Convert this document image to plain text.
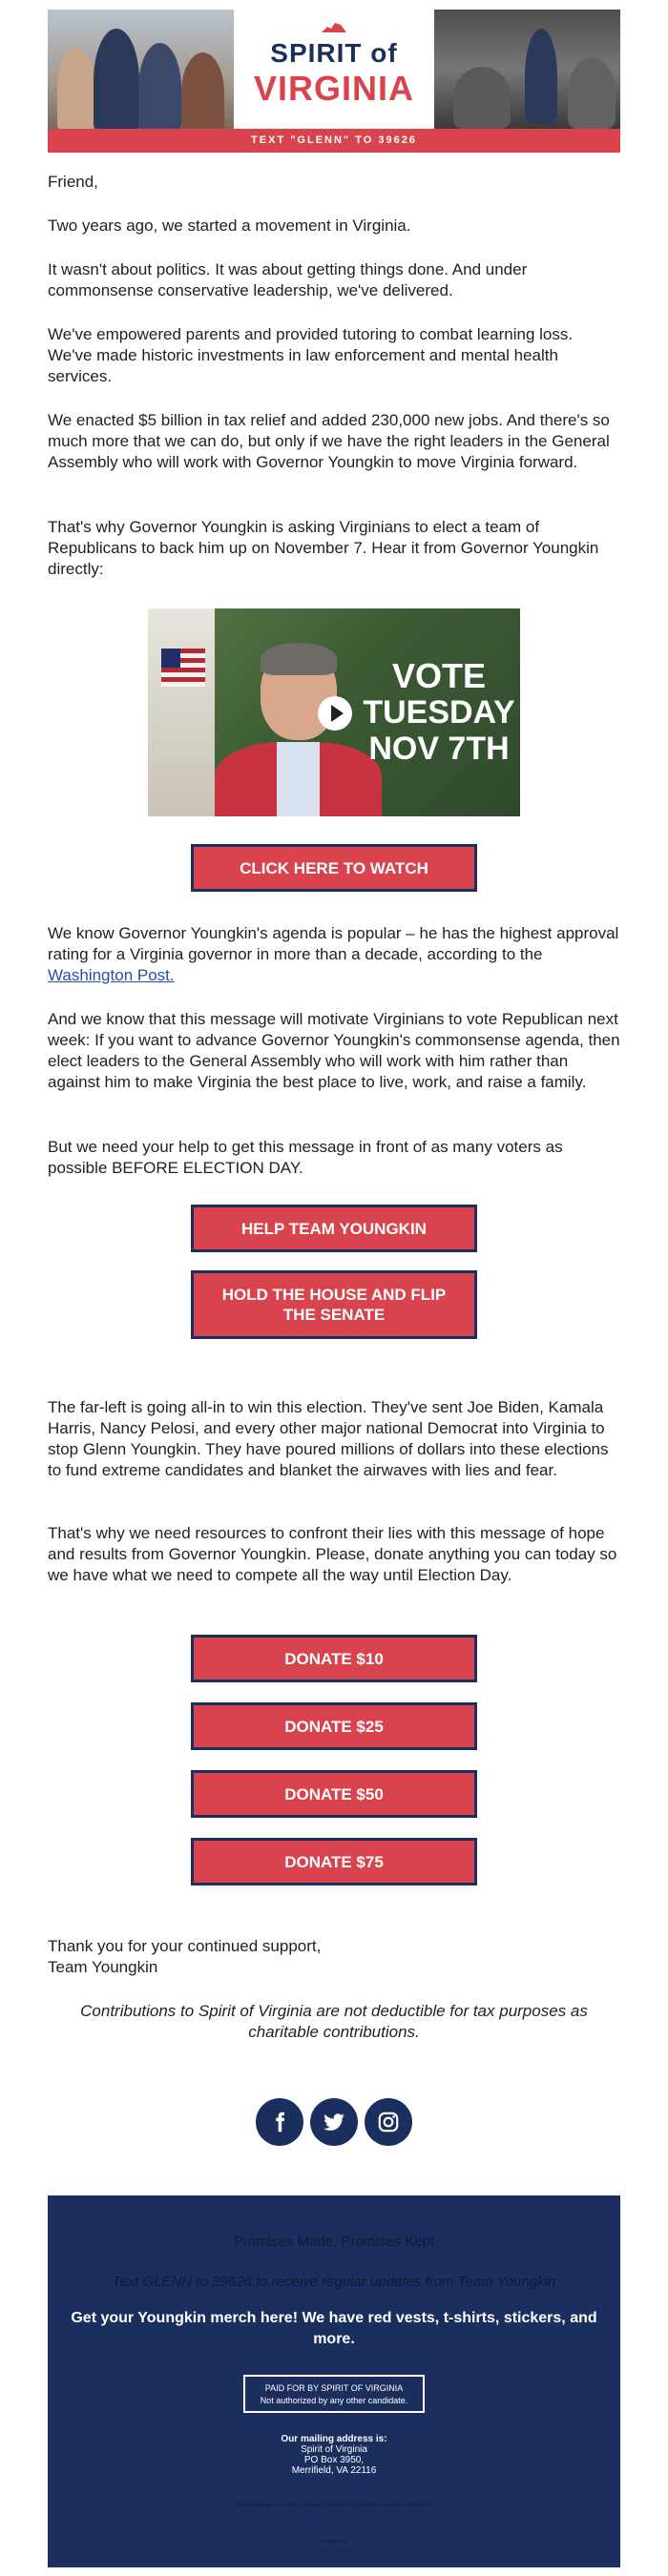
SPIRIT of
VIRGINIA
TEXT "GLENN" TO 39626
Friend,
Two years ago, we started a movement in Virginia.
It wasn't about politics. It was about getting things done. And under commonsense conservative leadership, we've delivered.
We've empowered parents and provided tutoring to combat learning loss. We've made historic investments in law enforcement and mental health services.
We enacted $5 billion in tax relief and added 230,000 new jobs. And there's so much more that we can do, but only if we have the right leaders in the General Assembly who will work with Governor Youngkin to move Virginia forward.
That's why Governor Youngkin is asking Virginians to elect a team of Republicans to back him up on November 7. Hear it from Governor Youngkin directly:
VOTE
TUESDAY
NOV 7TH
CLICK HERE TO WATCH
We know Governor Youngkin's agenda is popular – he has the highest approval rating for a Virginia governor in more than a decade, according to the Washington Post.
And we know that this message will motivate Virginians to vote Republican next week: If you want to advance Governor Youngkin's commonsense agenda, then elect leaders to the General Assembly who will work with him rather than against him to make Virginia the best place to live, work, and raise a family.
But we need your help to get this message in front of as many voters as possible BEFORE ELECTION DAY.
HELP TEAM YOUNGKIN
HOLD THE HOUSE AND FLIP THE SENATE
The far-left is going all-in to win this election. They've sent Joe Biden, Kamala Harris, Nancy Pelosi, and every other major national Democrat into Virginia to stop Glenn Youngkin. They have poured millions of dollars into these elections to fund extreme candidates and blanket the airwaves with lies and fear.
That's why we need resources to confront their lies with this message of hope and results from Governor Youngkin. Please, donate anything you can today so we have what we need to compete all the way until Election Day.
DONATE $10
DONATE $25
DONATE $50
DONATE $75
Thank you for your continued support,
Team Youngkin
Contributions to Spirit of Virginia are not deductible for tax purposes as charitable contributions.
Promises Made, Promises Kept
Text GLENN to 39626 to receive regular updates from Team Youngkin
Get your Youngkin merch here! We have red vests, t-shirts, stickers, and more.
PAID FOR BY SPIRIT OF VIRGINIA
Not authorized by any other candidate.
Our mailing address is:
Spirit of Virginia
PO Box 3950,
Merrifield, VA 22116
This message was sent to [email]. Don't want to receive our emails anymore?
Unsubscribe
